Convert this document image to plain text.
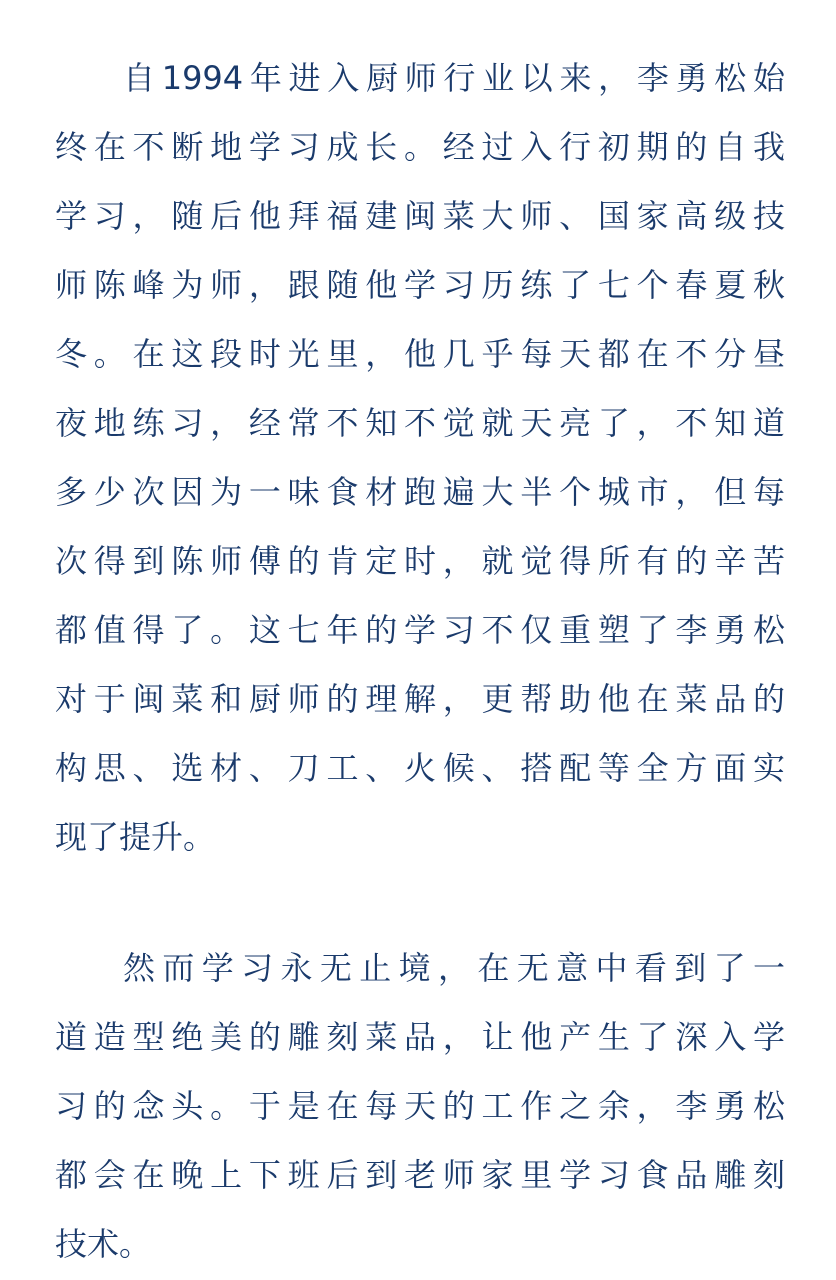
自1994年进入厨师行业以来，李勇松始
终在不断地学习成长。经过入行初期的自我
学习，随后他拜福建闽菜大师、国家高级技
师陈峰为师，跟随他学习历练了七个春夏秋
冬。在这段时光里，他几乎每天都在不分昼
夜地练习，经常不知不觉就天亮了，不知道
多少次因为一味食材跑遍大半个城市，但每
次得到陈师傅的肯定时，就觉得所有的辛苦
都值得了。这七年的学习不仅重塑了李勇松
对于闽菜和厨师的理解，更帮助他在菜品的
构思、选材、刀工、火候、搭配等全方面实
现了提升。

然而学习永无止境，在无意中看到了一
道造型绝美的雕刻菜品，让他产生了深入学
习的念头。于是在每天的工作之余，李勇松
都会在晚上下班后到老师家里学习食品雕刻
技术。
